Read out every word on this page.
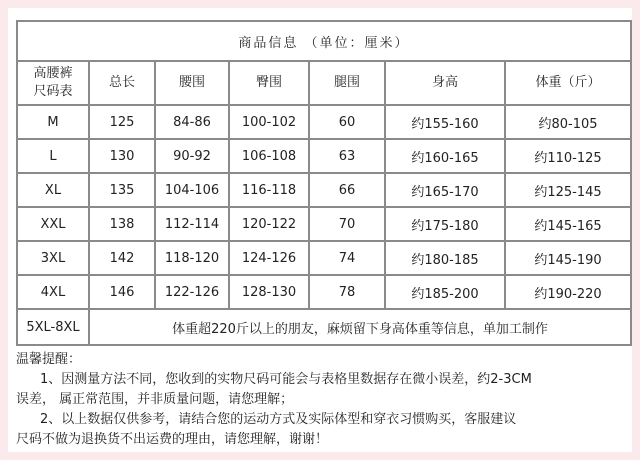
商品信息 （单位：厘米）						
高腰裤
尺码表	总长	腰围	臀围	腿围	身高	体重（斤）
M	125	84-86	100-102	60	约155-160	约80-105
L	130	90-92	106-108	63	约160-165	约110-125
XL	135	104-106	116-118	66	约165-170	约125-145
XXL	138	112-114	120-122	70	约175-180	约145-165
3XL	142	118-120	124-126	74	约180-185	约145-190
4XL	146	122-126	128-130	78	约185-200	约190-220
5XL-8XL	体重超220斤以上的朋友，麻烦留下身高体重等信息，单加工制作					

温馨提醒：

1、因测量方法不同，您收到的实物尺码可能会与表格里数据存在微小误差，约2-3CM

误差， 属正常范围，并非质量问题，请您理解；

2、以上数据仅供参考，请结合您的运动方式及实际体型和穿衣习惯购买，客服建议

尺码不做为退换货不出运费的理由，请您理解，谢谢！
